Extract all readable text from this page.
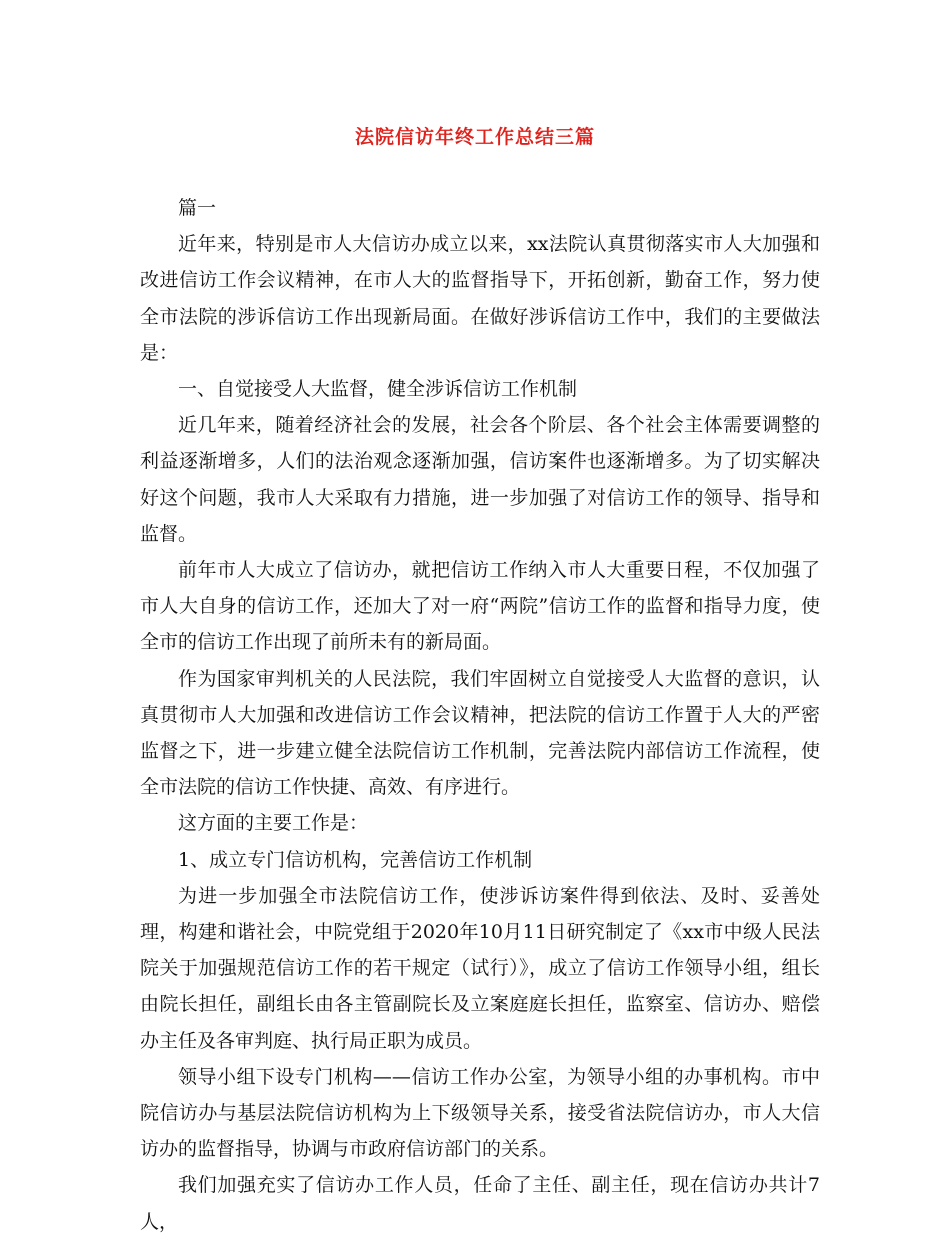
法院信访年终工作总结三篇

篇一

近年来，特别是市人大信访办成立以来，xx法院认真贯彻落实市人大加强和改进信访工作会议精神，在市人大的监督指导下，开拓创新，勤奋工作，努力使全市法院的涉诉信访工作出现新局面。在做好涉诉信访工作中，我们的主要做法是：

一、自觉接受人大监督，健全涉诉信访工作机制

近几年来，随着经济社会的发展，社会各个阶层、各个社会主体需要调整的利益逐渐增多，人们的法治观念逐渐加强，信访案件也逐渐增多。为了切实解决好这个问题，我市人大采取有力措施，进一步加强了对信访工作的领导、指导和监督。

前年市人大成立了信访办，就把信访工作纳入市人大重要日程，不仅加强了市人大自身的信访工作，还加大了对一府“两院”信访工作的监督和指导力度，使全市的信访工作出现了前所未有的新局面。

作为国家审判机关的人民法院，我们牢固树立自觉接受人大监督的意识，认真贯彻市人大加强和改进信访工作会议精神，把法院的信访工作置于人大的严密监督之下，进一步建立健全法院信访工作机制，完善法院内部信访工作流程，使全市法院的信访工作快捷、高效、有序进行。

这方面的主要工作是：

1、成立专门信访机构，完善信访工作机制

为进一步加强全市法院信访工作，使涉诉访案件得到依法、及时、妥善处理，构建和谐社会，中院党组于2020年10月11日研究制定了《xx市中级人民法院关于加强规范信访工作的若干规定（试行）》，成立了信访工作领导小组，组长由院长担任，副组长由各主管副院长及立案庭庭长担任，监察室、信访办、赔偿办主任及各审判庭、执行局正职为成员。

领导小组下设专门机构——信访工作办公室，为领导小组的办事机构。市中院信访办与基层法院信访机构为上下级领导关系，接受省法院信访办，市人大信访办的监督指导，协调与市政府信访部门的关系。

我们加强充实了信访办工作人员，任命了主任、副主任，现在信访办共计7人，
